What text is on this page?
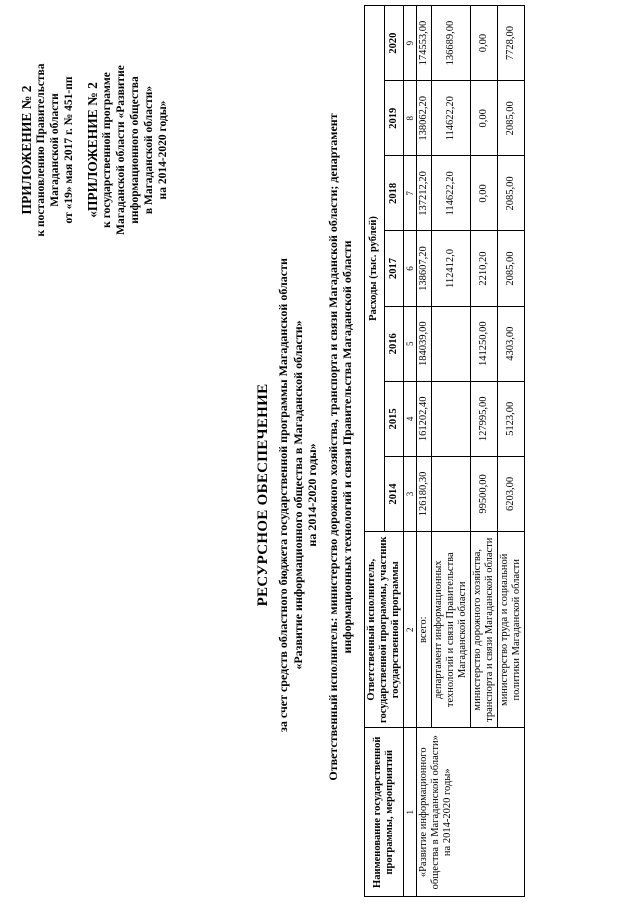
ПРИЛОЖЕНИЕ № 2 к постановлению Правительства Магаданской области от «19» мая 2017 г. № 451-пп «ПРИЛОЖЕНИЕ № 2 к государственной программе Магаданской области «Развитие информационного общества в Магаданской области» на 2014-2020 годы»
РЕСУРСНОЕ ОБЕСПЕЧЕНИЕ за счет средств областного бюджета государственной программы Магаданской области «Развитие информационного общества в Магаданской области» на 2014-2020 годы» Ответственный исполнитель: министерство дорожного хозяйства, транспорта и связи Магаданской области; департамент информационных технологий и связи Правительства Магаданской области
Наименование государственной программы, мероприятий	Ответственный исполнитель, государственной программы, участник государственной программы	Расходы (тыс. рублей)						
		2014	2015	2016	2017	2018	2019	2020
1	2	3	4	5	6	7	8	9
«Развитие информационного общества в Магаданской области» на 2014-2020 годы»	всего:	126180,30	161202,40	184039,00	138607,20	137212,20	138062,20	174553,00
	департамент информационных технологий и связи Правительства Магаданской области				112412,0	114622,20	114622,20	136689,00
	министерство дорожного хозяйства, транспорта и связи Магаданской области	99500,00	127995,00	141250,00	2210,20	0,00	0,00	0,00
	министерство труда и социальной политики Магаданской области	6203,00	5123,00	4303,00	2085,00	2085,00	2085,00	7728,00
